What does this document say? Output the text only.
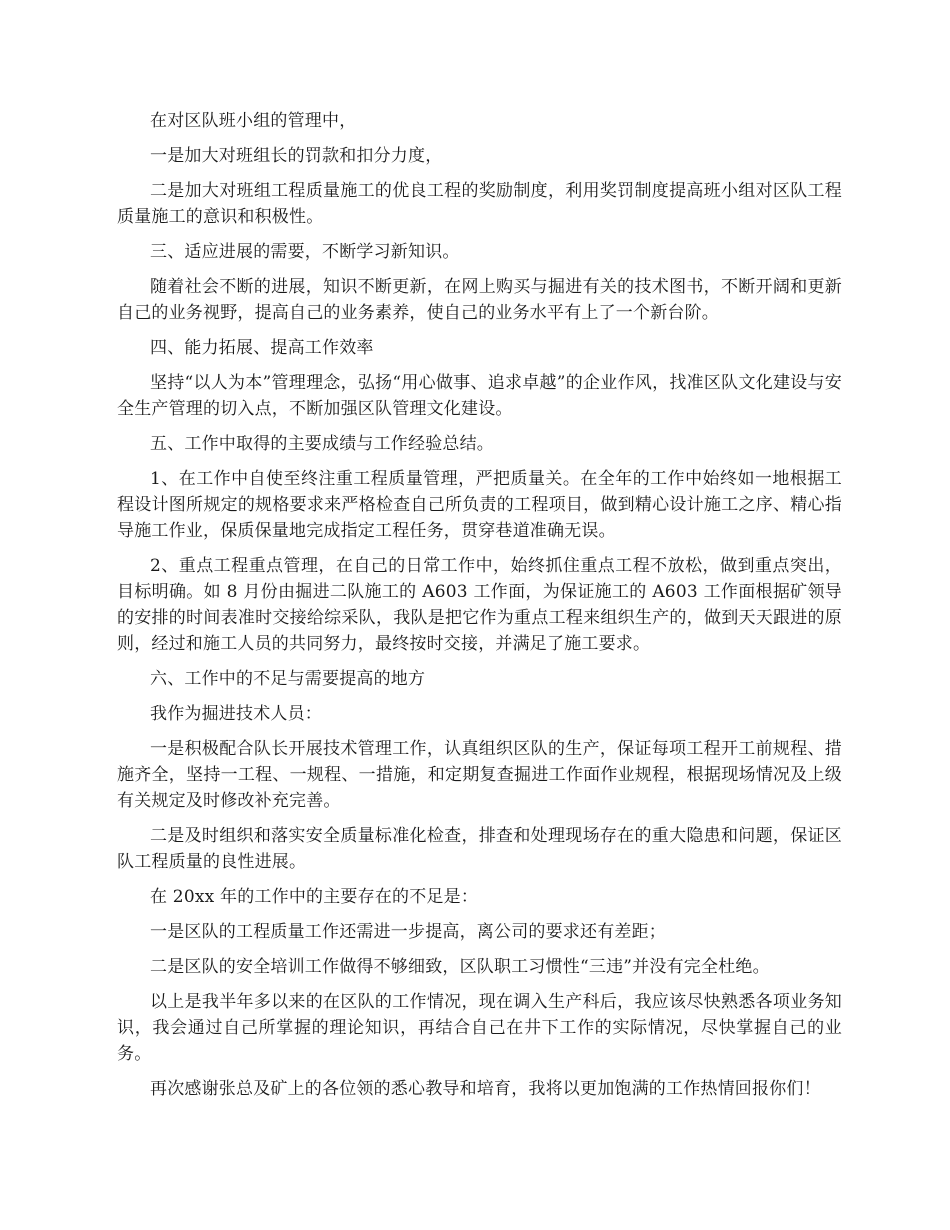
在对区队班小组的管理中，

一是加大对班组长的罚款和扣分力度，

二是加大对班组工程质量施工的优良工程的奖励制度，利用奖罚制度提高班小组对区队工程质量施工的意识和积极性。

三、适应进展的需要，不断学习新知识。

随着社会不断的进展，知识不断更新，在网上购买与掘进有关的技术图书，不断开阔和更新自己的业务视野，提高自己的业务素养，使自己的业务水平有上了一个新台阶。

四、能力拓展、提高工作效率

坚持“以人为本”管理理念，弘扬“用心做事、追求卓越”的企业作风，找准区队文化建设与安全生产管理的切入点，不断加强区队管理文化建设。

五、工作中取得的主要成绩与工作经验总结。

1、在工作中自使至终注重工程质量管理，严把质量关。在全年的工作中始终如一地根据工程设计图所规定的规格要求来严格检查自己所负责的工程项目，做到精心设计施工之序、精心指导施工作业，保质保量地完成指定工程任务，贯穿巷道准确无误。

2、重点工程重点管理，在自己的日常工作中，始终抓住重点工程不放松，做到重点突出，目标明确。如 8 月份由掘进二队施工的 A603 工作面，为保证施工的 A603 工作面根据矿领导的安排的时间表准时交接给综采队，我队是把它作为重点工程来组织生产的，做到天天跟进的原则，经过和施工人员的共同努力，最终按时交接，并满足了施工要求。

六、工作中的不足与需要提高的地方

我作为掘进技术人员：

一是积极配合队长开展技术管理工作，认真组织区队的生产，保证每项工程开工前规程、措施齐全，坚持一工程、一规程、一措施，和定期复查掘进工作面作业规程，根据现场情况及上级有关规定及时修改补充完善。

二是及时组织和落实安全质量标准化检查，排查和处理现场存在的重大隐患和问题，保证区队工程质量的良性进展。

在 20xx 年的工作中的主要存在的不足是：

一是区队的工程质量工作还需进一步提高，离公司的要求还有差距；

二是区队的安全培训工作做得不够细致，区队职工习惯性“三违”并没有完全杜绝。

以上是我半年多以来的在区队的工作情况，现在调入生产科后，我应该尽快熟悉各项业务知识，我会通过自己所掌握的理论知识，再结合自己在井下工作的实际情况，尽快掌握自己的业务。

再次感谢张总及矿上的各位领的悉心教导和培育，我将以更加饱满的工作热情回报你们！
